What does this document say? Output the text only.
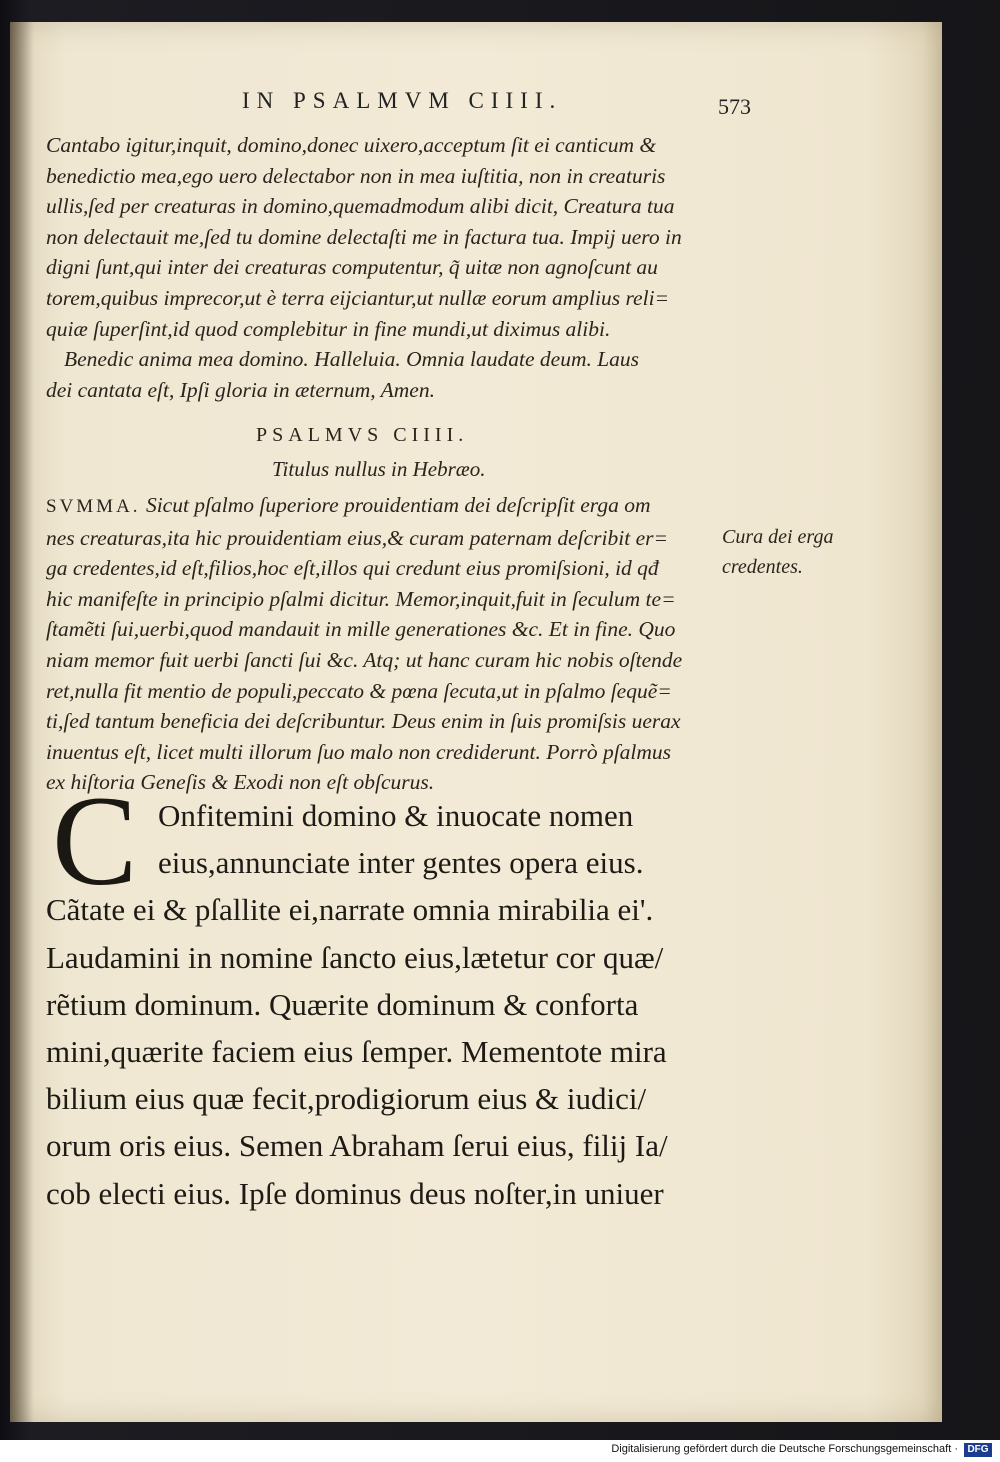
IN PSALMVM CIIII.	573
Cantabo igitur,inquit, domino,donec uixero,acceptum ſit ei canticum &
benedictio mea,ego uero delectabor non in mea iuſtitia, non in creaturis
ullis,ſed per creaturas in domino,quemadmodum alibi dicit, Creatura tua
non delectauit me,ſed tu domine delectaſti me in factura tua. Impij uero in
digni ſunt,qui inter dei creaturas computentur, q̃ uitæ non agnoſcunt au
torem,quibus imprecor,ut è terra eijciantur,ut nullæ eorum amplius reli=
quiæ ſuperſint,id quod complebitur in fine mundi,ut diximus alibi.
Benedic anima mea domino. Halleluia. Omnia laudate deum. Laus
dei cantata eſt, Ipſi gloria in æternum, Amen.
PSALMVS CIIII.
Titulus nullus in Hebræo.
SVMMA. Sicut pſalmo ſuperiore prouidentiam dei deſcripſit erga om
nes creaturas,ita hic prouidentiam eius,& curam paternam deſcribit er=
ga credentes,id eſt,filios,hoc eſt,illos qui credunt eius promiſsioni, id qđ
hic manifeſte in principio pſalmi dicitur. Memor,inquit,fuit in ſeculum te=
ſtamẽti ſui,uerbi,quod mandauit in mille generationes &c. Et in fine. Quo
niam memor fuit uerbi ſancti ſui &c. Atq; ut hanc curam hic nobis oſtende
ret,nulla fit mentio de populi,peccato & pœna ſecuta,ut in pſalmo ſequẽ=
ti,ſed tantum beneficia dei deſcribuntur. Deus enim in ſuis promiſsis uerax
inuentus eſt, licet multi illorum ſuo malo non crediderunt. Porrò pſalmus
ex hiſtoria Geneſis & Exodi non eſt obſcurus.
Cura dei erga
credentes.
C Onfitemini domino & inuocate nomen
eius,annunciate inter gentes opera eius.
Cãtate ei & pſallite ei,narrate omnia mirabilia ei'.
Laudamini in nomine ſancto eius,lætetur cor quæ/
rẽtium dominum. Quærite dominum & conforta
mini,quærite faciem eius ſemper. Mementote mira
bilium eius quæ fecit,prodigiorum eius & iudici/
orum oris eius. Semen Abraham ſerui eius, filij Ia/
cob electi eius. Ipſe dominus deus noſter,in uniuer
Digitalisierung gefördert durch die Deutsche Forschungsgemeinschaft · DFG
